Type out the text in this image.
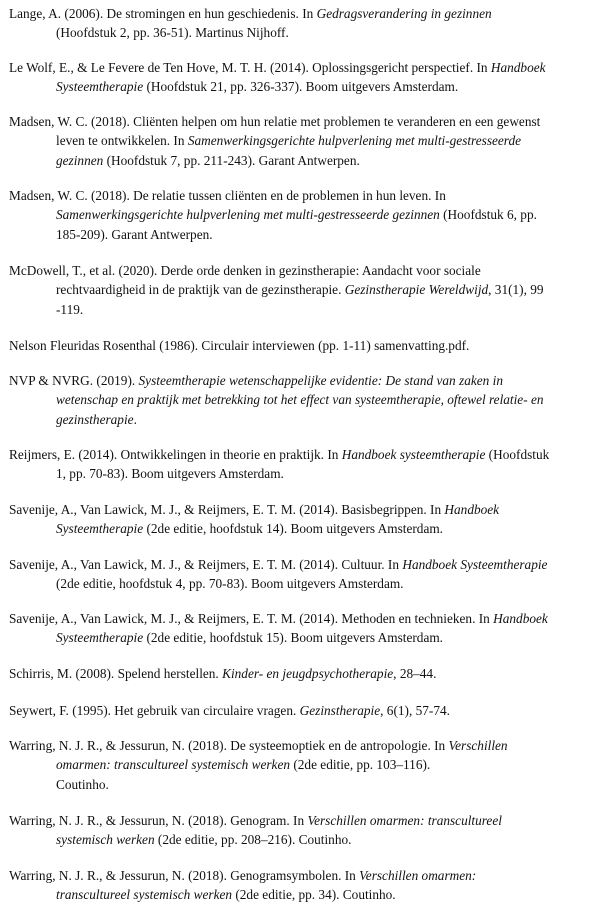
Lange, A. (2006). De stromingen en hun geschiedenis. In Gedragsverandering in gezinnen
(Hoofdstuk 2, pp. 36-51). Martinus Nijhoff.
Le Wolf, E., & Le Fevere de Ten Hove, M. T. H. (2014). Oplossingsgericht perspectief. In Handboek
Systeemtherapie (Hoofdstuk 21, pp. 326-337). Boom uitgevers Amsterdam.
Madsen, W. C. (2018). Cliënten helpen om hun relatie met problemen te veranderen en een gewenst
leven te ontwikkelen. In Samenwerkingsgerichte hulpverlening met multi-gestresseerde
gezinnen (Hoofdstuk 7, pp. 211-243). Garant Antwerpen.
Madsen, W. C. (2018). De relatie tussen cliënten en de problemen in hun leven. In
Samenwerkingsgerichte hulpverlening met multi-gestresseerde gezinnen (Hoofdstuk 6, pp.
185-209). Garant Antwerpen.
McDowell, T., et al. (2020). Derde orde denken in gezinstherapie: Aandacht voor sociale
rechtvaardigheid in de praktijk van de gezinstherapie. Gezinstherapie Wereldwijd, 31(1), 99
-119.
Nelson Fleuridas Rosenthal (1986). Circulair interviewen (pp. 1-11) samenvatting.pdf.
NVP & NVRG. (2019). Systeemtherapie wetenschappelijke evidentie: De stand van zaken in
wetenschap en praktijk met betrekking tot het effect van systeemtherapie, oftewel relatie- en
gezinstherapie.
Reijmers, E. (2014). Ontwikkelingen in theorie en praktijk. In Handboek systeemtherapie (Hoofdstuk
1, pp. 70-83). Boom uitgevers Amsterdam.
Savenije, A., Van Lawick, M. J., & Reijmers, E. T. M. (2014). Basisbegrippen. In Handboek
Systeemtherapie (2de editie, hoofdstuk 14). Boom uitgevers Amsterdam.
Savenije, A., Van Lawick, M. J., & Reijmers, E. T. M. (2014). Cultuur. In Handboek Systeemtherapie
(2de editie, hoofdstuk 4, pp. 70-83). Boom uitgevers Amsterdam.
Savenije, A., Van Lawick, M. J., & Reijmers, E. T. M. (2014). Methoden en technieken. In Handboek
Systeemtherapie (2de editie, hoofdstuk 15). Boom uitgevers Amsterdam.
Schirris, M. (2008). Spelend herstellen. Kinder- en jeugdpsychotherapie, 28–44.
Seywert, F. (1995). Het gebruik van circulaire vragen. Gezinstherapie, 6(1), 57-74.
Warring, N. J. R., & Jessurun, N. (2018). De systeemoptiek en de antropologie. In Verschillen
omarmen: transcultureel systemisch werken (2de editie, pp. 103–116).
Coutinho.
Warring, N. J. R., & Jessurun, N. (2018). Genogram. In Verschillen omarmen: transcultureel
systemisch werken (2de editie, pp. 208–216). Coutinho.
Warring, N. J. R., & Jessurun, N. (2018). Genogramsymbolen. In Verschillen omarmen:
transcultureel systemisch werken (2de editie, pp. 34). Coutinho.
